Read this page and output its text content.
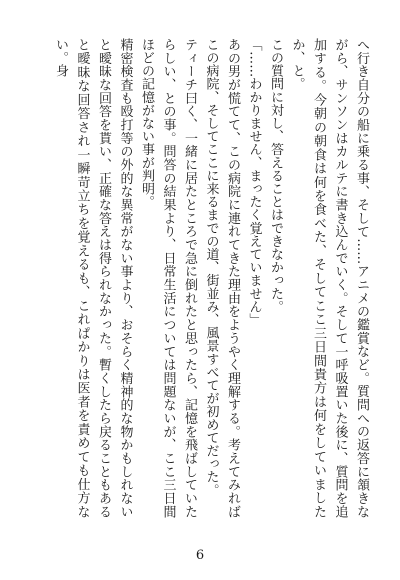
へ行き自分の船に乗る事、そして……アニメの鑑賞など。質問への返答に頷きながら、サンソンはカルテに書き込んでいく。そして一呼吸置いた後に、質問を追加する。今朝の朝食は何を食べた、そしてここ三日間貴方は何をしていましたか、と。

この質問に対し、答えることはできなかった。

「……わかりません、まったく覚えていません」

あの男が慌てて、この病院に連れてきた理由をようやく理解する。考えてみればこの病院、そしてここに来るまでの道、街並み、風景すべてが初めてだった。

ティーチ曰く、一緒に居たところで急に倒れたと思ったら、記憶を飛ばしていたらしい、との事。問答の結果より、日常生活については問題ないが、ここ三日間ほどの記憶がない事が判明。

精密検査も殴打等の外的な異常がない事より、おそらく精神的な物かもしれないと曖昧な回答を貰い、正確な答えは得られなかった。暫くしたら戻ることもあると曖昧な回答され一瞬苛立ちを覚えるも、これぱかりは医者を責めても仕方ない。身

6
